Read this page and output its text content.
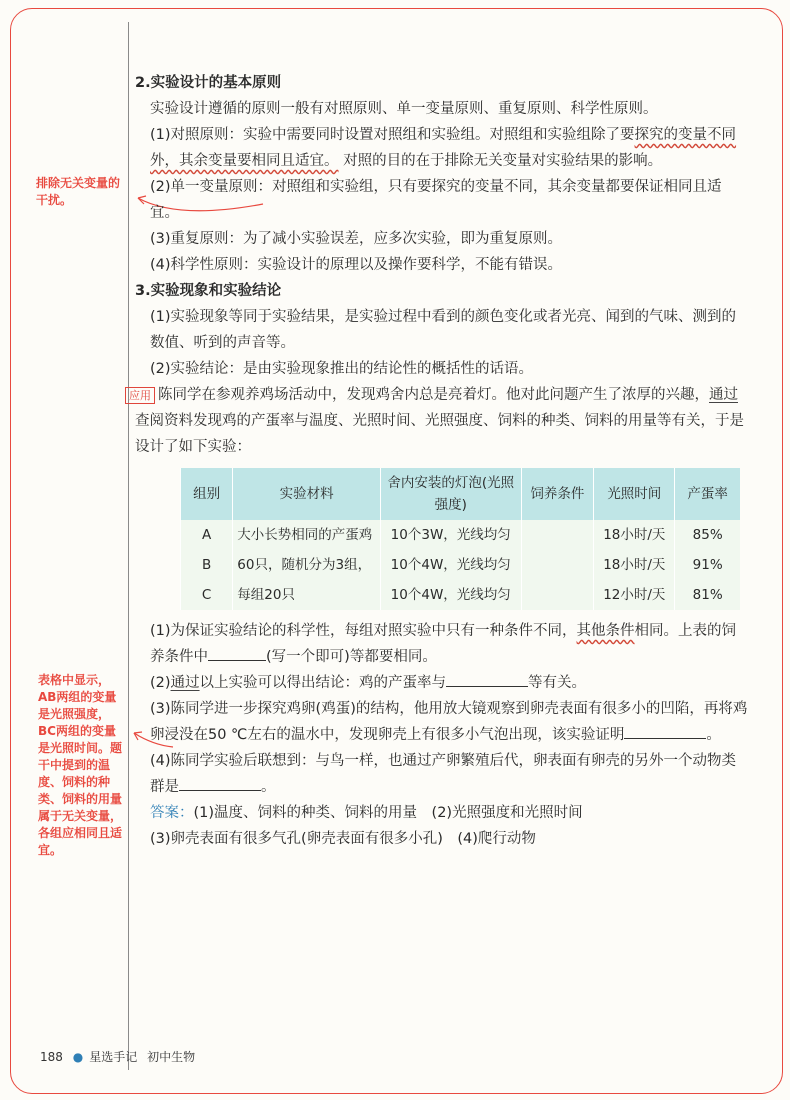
排除无关变量的干扰。
表格中显示，AB两组的变量是光照强度，BC两组的变量是光照时间。题干中提到的温度、饲料的种类、饲料的用量属于无关变量，各组应相同且适宜。

2.实验设计的基本原则

实验设计遵循的原则一般有对照原则、单一变量原则、重复原则、科学性原则。

(1)对照原则：实验中需要同时设置对照组和实验组。对照组和实验组除了要探究的变量不同外，其余变量要相同且适宜。 对照的目的在于排除无关变量对实验结果的影响。

(2)单一变量原则：对照组和实验组，只有要探究的变量不同，其余变量都要保证相同且适宜。

(3)重复原则：为了减小实验误差，应多次实验，即为重复原则。

(4)科学性原则：实验设计的原理以及操作要科学，不能有错误。

3.实验现象和实验结论

(1)实验现象等同于实验结果，是实验过程中看到的颜色变化或者光亮、闻到的气味、测到的数值、听到的声音等。

(2)实验结论：是由实验现象推出的结论性的概括性的话语。

应用 陈同学在参观养鸡场活动中，发现鸡舍内总是亮着灯。他对此问题产生了浓厚的兴趣，通过查阅资料发现鸡的产蛋率与温度、光照时间、光照强度、饲料的种类、饲料的用量等有关，于是设计了如下实验：

组别	实验材料	舍内安装的灯泡(光照强度)	饲养条件	光照时间	产蛋率
A	大小长势相同的产蛋鸡60只，随机分为3组，每组20只	10个3W，光线均匀		18小时/天	85%
B		10个4W，光线均匀		18小时/天	91%
C		10个4W，光线均匀		12小时/天	81%

(1)为保证实验结论的科学性，每组对照实验中只有一种条件不同，其他条件相同。上表的饲养条件中	(写一个即可)等都要相同。

(2)通过以上实验可以得出结论：鸡的产蛋率与	等有关。

(3)陈同学进一步探究鸡卵(鸡蛋)的结构，他用放大镜观察到卵壳表面有很多小的凹陷，再将鸡卵浸没在50 ℃左右的温水中，发现卵壳上有很多小气泡出现，该实验证明	。

(4)陈同学实验后联想到：与鸟一样，也通过产卵繁殖后代，卵表面有卵壳的另外一个动物类群是	。

答案：(1)温度、饲料的种类、饲料的用量　(2)光照强度和光照时间

(3)卵壳表面有很多气孔(卵壳表面有很多小孔)　(4)爬行动物

188 ● 星选手记 初中生物
